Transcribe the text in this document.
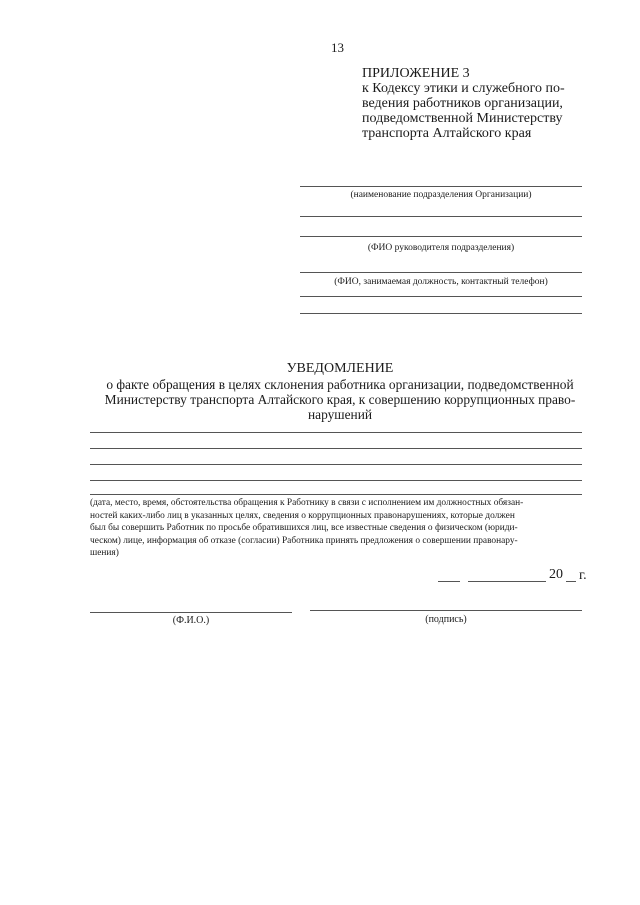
13
ПРИЛОЖЕНИЕ 3
к Кодексу этики и служебного по-
ведения работников организации,
подведомственной Министерству
транспорта Алтайского края
(наименование подразделения Организации)
(ФИО руководителя подразделения)
(ФИО, занимаемая должность, контактный телефон)
УВЕДОМЛЕНИЕ
о факте обращения в целях склонения работника организации, подведомственной
Министерству транспорта Алтайского края, к совершению коррупционных право-
нарушений
(дата, место, время, обстоятельства обращения к Работнику в связи с исполнением им должностных обязан-
ностей каких-либо лиц в указанных целях, сведения о коррупционных правонарушениях, которые должен
был бы совершить Работник по просьбе обратившихся лиц, все известные сведения о физическом (юриди-
ческом) лице, информация об отказе (согласии) Работника принять предложения о совершении правонару-
шения)
20 г.
(Ф.И.О.)	(подпись)
